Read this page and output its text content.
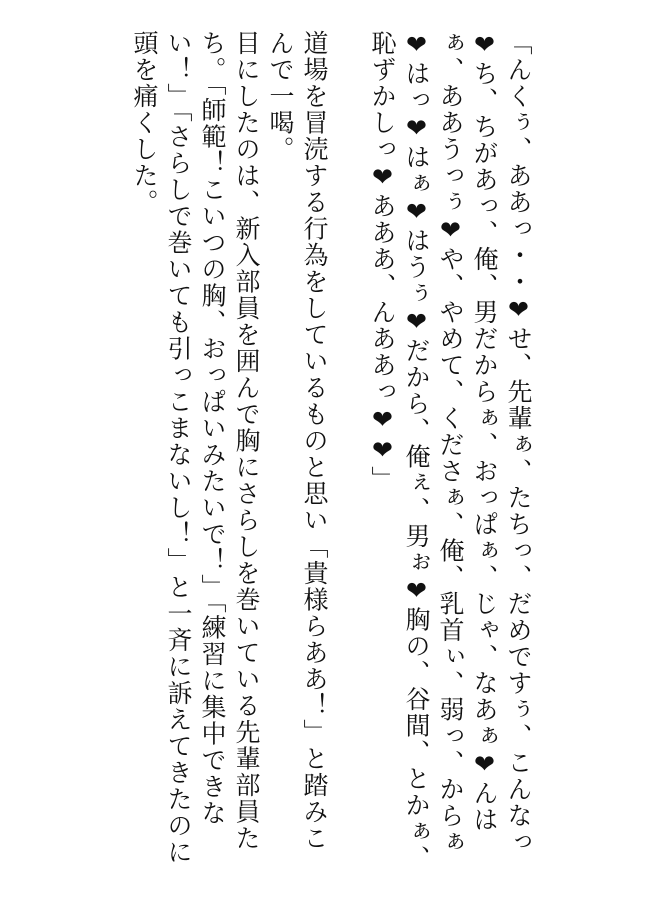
「んくぅ、ああっ・・❤せ、先輩ぁ、たちっ、だめですぅ、こんなっ❤ち、ちがあっ、俺、男だからぁ、おっぱぁ、じゃ、なあぁ❤んはぁ、ああうっぅ❤や、やめて、くださぁ、俺、乳首ぃ、弱っ、からぁ❤はっ❤はぁ❤はうぅ❤だから、俺ぇ、男ぉ❤胸の、谷間、とかぁ、恥ずかしっ❤あああ、んああっ❤❤」

道場を冒涜する行為をしているものと思い「貴様らああ！」と踏みこんで一喝。

目にしたのは、新入部員を囲んで胸にさらしを巻いている先輩部員たち。「師範！こいつの胸、おっぱいみたいで！」「練習に集中できない！」「さらしで巻いても引っこまないし！」と一斉に訴えてきたのに頭を痛くした。
